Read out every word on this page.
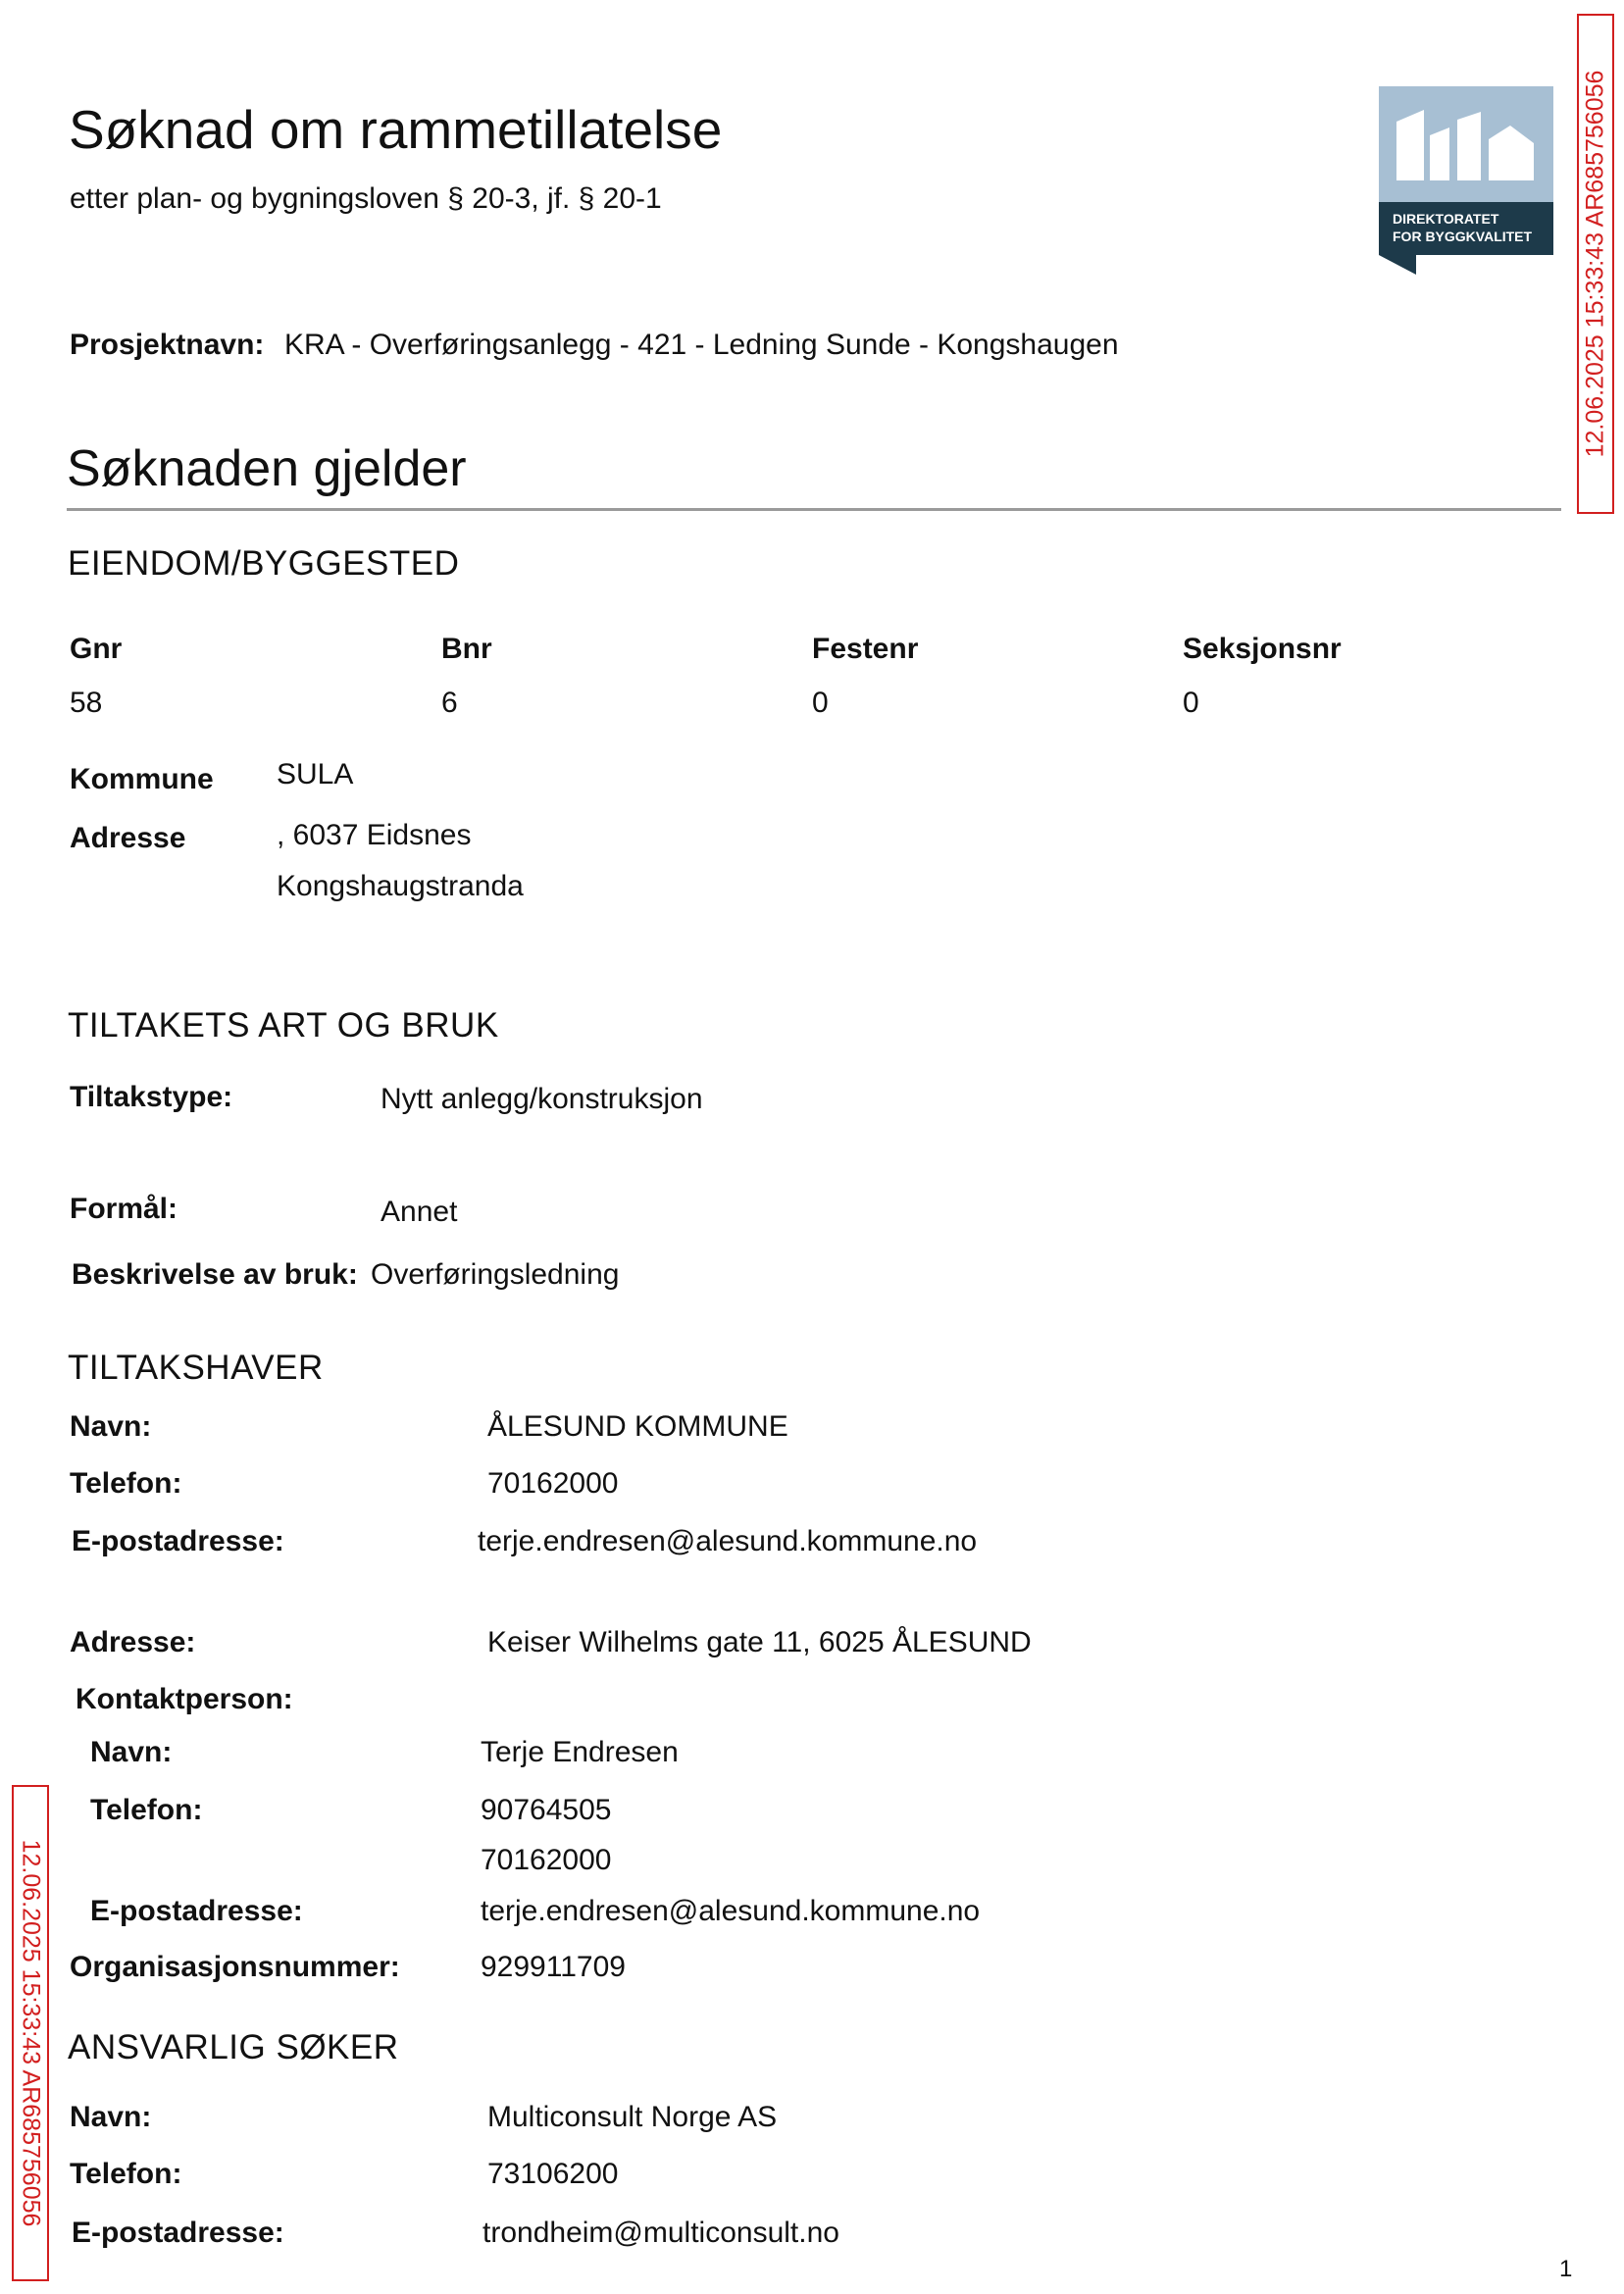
Søknad om rammetillatelse
etter plan- og bygningsloven § 20-3, jf. § 20-1
DIREKTORATET
FOR BYGGKVALITET 12.06.2025 15:33:43 AR685756056
12.06.2025 15:33:43 AR685756056
Prosjektnavn: KRA - Overføringsanlegg - 421 - Ledning Sunde - Kongshaugen
Søknaden gjelder
EIENDOM/BYGGESTED
Gnr	Bnr	Festenr	Seksjonsnr
58	6	0	0
Kommune SULA
Adresse	, 6037 Eidsnes
Kongshaugstranda
TILTAKETS ART OG BRUK
Tiltakstype:	Nytt anlegg/konstruksjon
Formål:	Annet
Beskrivelse av bruk: Overføringsledning
TILTAKSHAVER
Navn:	ÅLESUND KOMMUNE
Telefon:	70162000
E-postadresse:	terje.endresen@alesund.kommune.no
Adresse:	Keiser Wilhelms gate 11, 6025 ÅLESUND
Kontaktperson:
Navn:	Terje Endresen
Telefon:	90764505
70162000
E-postadresse:	terje.endresen@alesund.kommune.no
Organisasjonsnummer:	929911709
ANSVARLIG SØKER
Navn:	Multiconsult Norge AS
Telefon:	73106200
E-postadresse:	trondheim@multiconsult.no
1
